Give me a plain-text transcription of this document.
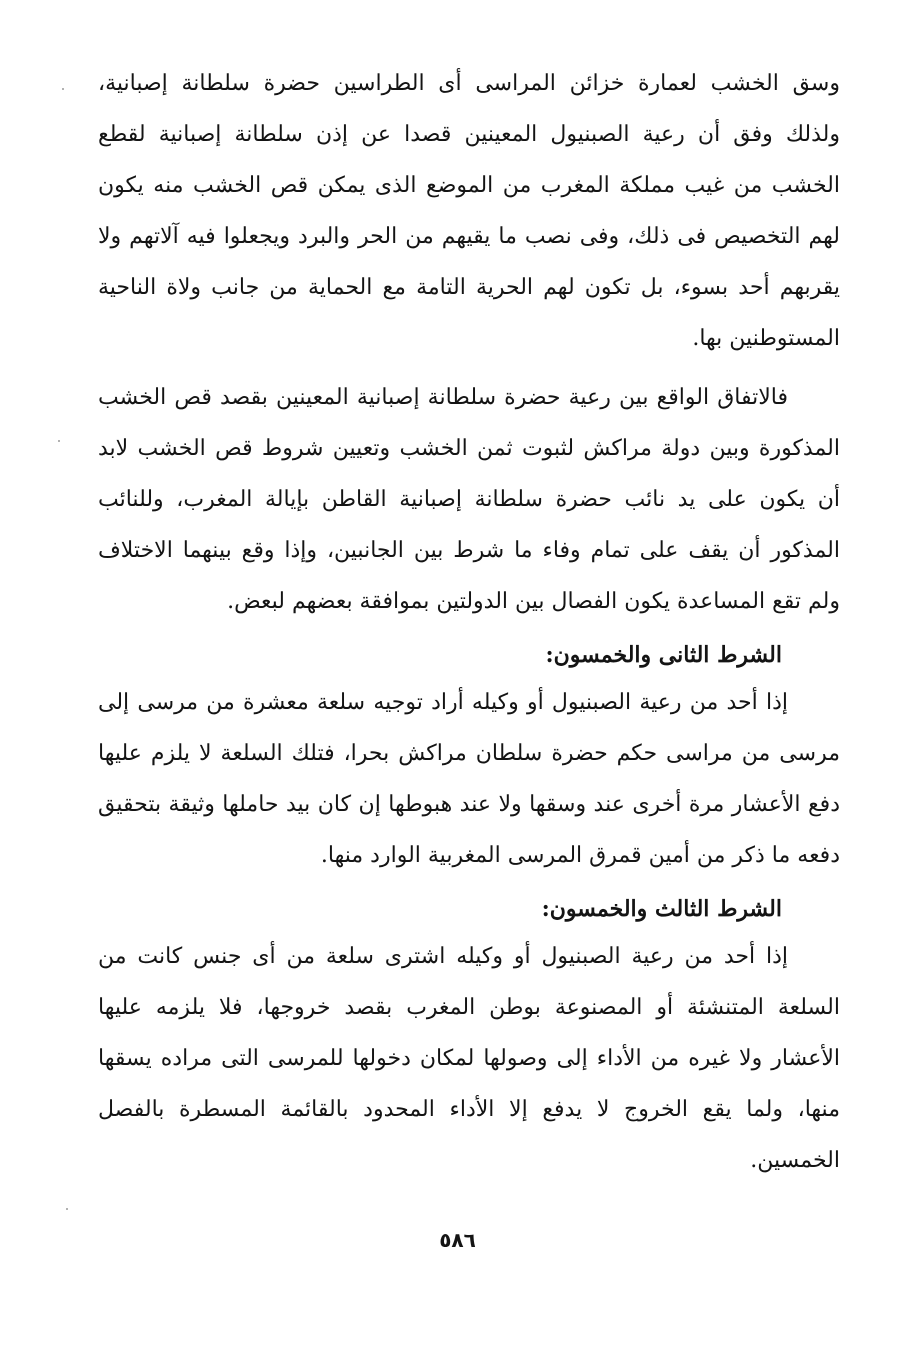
وسق الخشب لعمارة خزائن المراسى أى الطراسين حضرة سلطانة إصبانية، ولذلك وفق أن رعية الصبنيول المعينين قصدا عن إذن سلطانة إصبانية لقطع الخشب من غيب مملكة المغرب من الموضع الذى يمكن قص الخشب منه يكون لهم التخصيص فى ذلك، وفى نصب ما يقيهم من الحر والبرد ويجعلوا فيه آلاتهم ولا يقربهم أحد بسوء، بل تكون لهم الحرية التامة مع الحماية من جانب ولاة الناحية المستوطنين بها.

فالاتفاق الواقع بين رعية حضرة سلطانة إصبانية المعينين بقصد قص الخشب المذكورة وبين دولة مراكش لثبوت ثمن الخشب وتعيين شروط قص الخشب لابد أن يكون على يد نائب حضرة سلطانة إصبانية القاطن بإيالة المغرب، وللنائب المذكور أن يقف على تمام وفاء ما شرط بين الجانبين، وإذا وقع بينهما الاختلاف ولم تقع المساعدة يكون الفصال بين الدولتين بموافقة بعضهم لبعض.

الشرط الثانى والخمسون:

إذا أحد من رعية الصبنيول أو وكيله أراد توجيه سلعة معشرة من مرسى إلى مرسى من مراسى حكم حضرة سلطان مراكش بحرا، فتلك السلعة لا يلزم عليها دفع الأعشار مرة أخرى عند وسقها ولا عند هبوطها إن كان بيد حاملها وثيقة بتحقيق دفعه ما ذكر من أمين قمرق المرسى المغربية الوارد منها.

الشرط الثالث والخمسون:

إذا أحد من رعية الصبنيول أو وكيله اشترى سلعة من أى جنس كانت من السلعة المتنشئة أو المصنوعة بوطن المغرب بقصد خروجها، فلا يلزمه عليها الأعشار ولا غيره من الأداء إلى وصولها لمكان دخولها للمرسى التى مراده يسقها منها، ولما يقع الخروج لا يدفع إلا الأداء المحدود بالقائمة المسطرة بالفصل الخمسين.

٥٨٦
